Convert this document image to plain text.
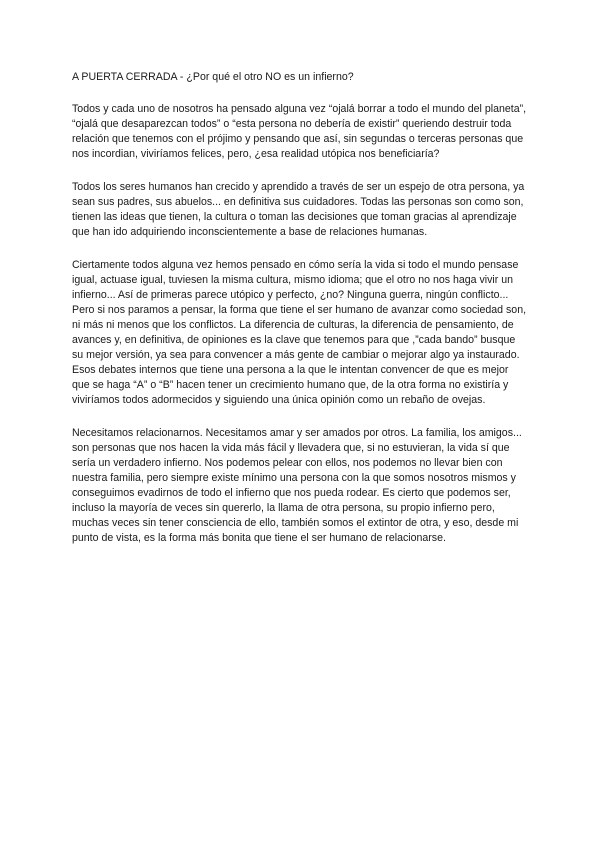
A PUERTA CERRADA - ¿Por qué el otro NO es un infierno?

Todos y cada uno de nosotros ha pensado alguna vez “ojalá borrar a todo el mundo del planeta”, “ojalá que desaparezcan todos” o “esta persona no debería de existir” queriendo destruir toda relación que tenemos con el prójimo y pensando que así, sin segundas o terceras personas que nos incordian, viviríamos felices, pero, ¿esa realidad utópica nos beneficiaría?

Todos los seres humanos han crecido y aprendido a través de ser un espejo de otra persona, ya sean sus padres, sus abuelos... en definitiva sus cuidadores. Todas las personas son como son, tienen las ideas que tienen, la cultura o toman las decisiones que toman gracias al aprendizaje que han ido adquiriendo inconscientemente a base de relaciones humanas.

Ciertamente todos alguna vez hemos pensado en cómo sería la vida si todo el mundo pensase igual, actuase igual, tuviesen la misma cultura, mismo idioma; que el otro no nos haga vivir un infierno... Así de primeras parece utópico y perfecto, ¿no? Ninguna guerra, ningún conflicto... Pero si nos paramos a pensar, la forma que tiene el ser humano de avanzar como sociedad son, ni más ni menos que los conflictos. La diferencia de culturas, la diferencia de pensamiento, de avances y, en definitiva, de opiniones es la clave que tenemos para que ,”cada bando” busque su mejor versión, ya sea para convencer a más gente de cambiar o mejorar algo ya instaurado. Esos debates internos que tiene una persona a la que le intentan convencer de que es mejor que se haga “A” o “B” hacen tener un crecimiento humano que, de la otra forma no existiría y viviríamos todos adormecidos y siguiendo una única opinión como un rebaño de ovejas.

Necesitamos relacionarnos. Necesitamos amar y ser amados por otros. La familia, los amigos... son personas que nos hacen la vida más fácil y llevadera que, si no estuvieran, la vida sí que sería un verdadero infierno. Nos podemos pelear con ellos, nos podemos no llevar bien con nuestra familia, pero siempre existe mínimo una persona con la que somos nosotros mismos y conseguimos evadirnos de todo el infierno que nos pueda rodear. Es cierto que podemos ser, incluso la mayoría de veces sin quererlo, la llama de otra persona, su propio infierno pero, muchas veces sin tener consciencia de ello, también somos el extintor de otra, y eso, desde mi punto de vista, es la forma más bonita que tiene el ser humano de relacionarse.
